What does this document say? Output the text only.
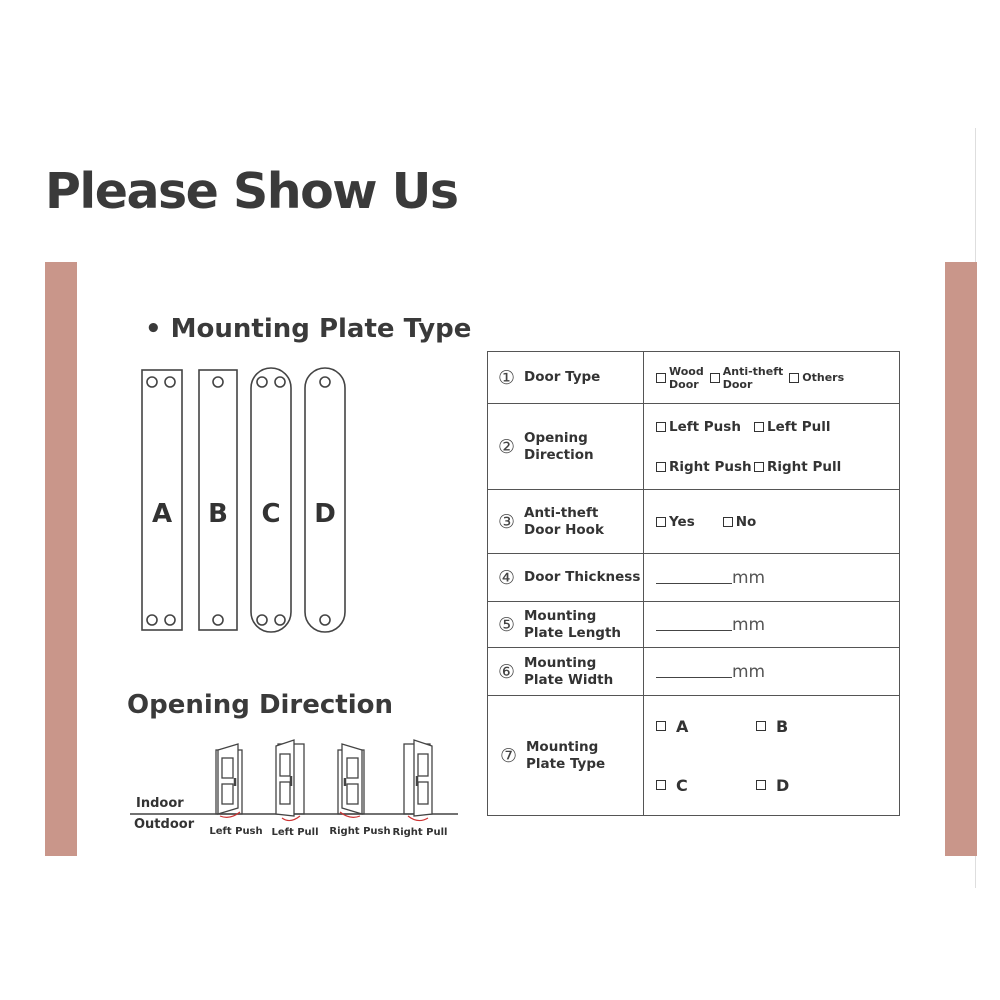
Please Show Us
• Mounting Plate Type
A B C D
Opening Direction
Indoor
Outdoor Left Push Left Pull Right Push Right Pull
① Door Type	Wood
Door
Anti-theft
Door Others

② Opening
Direction	Left Push Left Pull
Right Push Right Pull

③ Anti-theft
Door Hook	Yes No

④ Door Thickness	mm

⑤ Mounting
Plate Length	mm

⑥ Mounting
Plate Width	mm

⑦ Mounting
Plate Type	A B
C D
